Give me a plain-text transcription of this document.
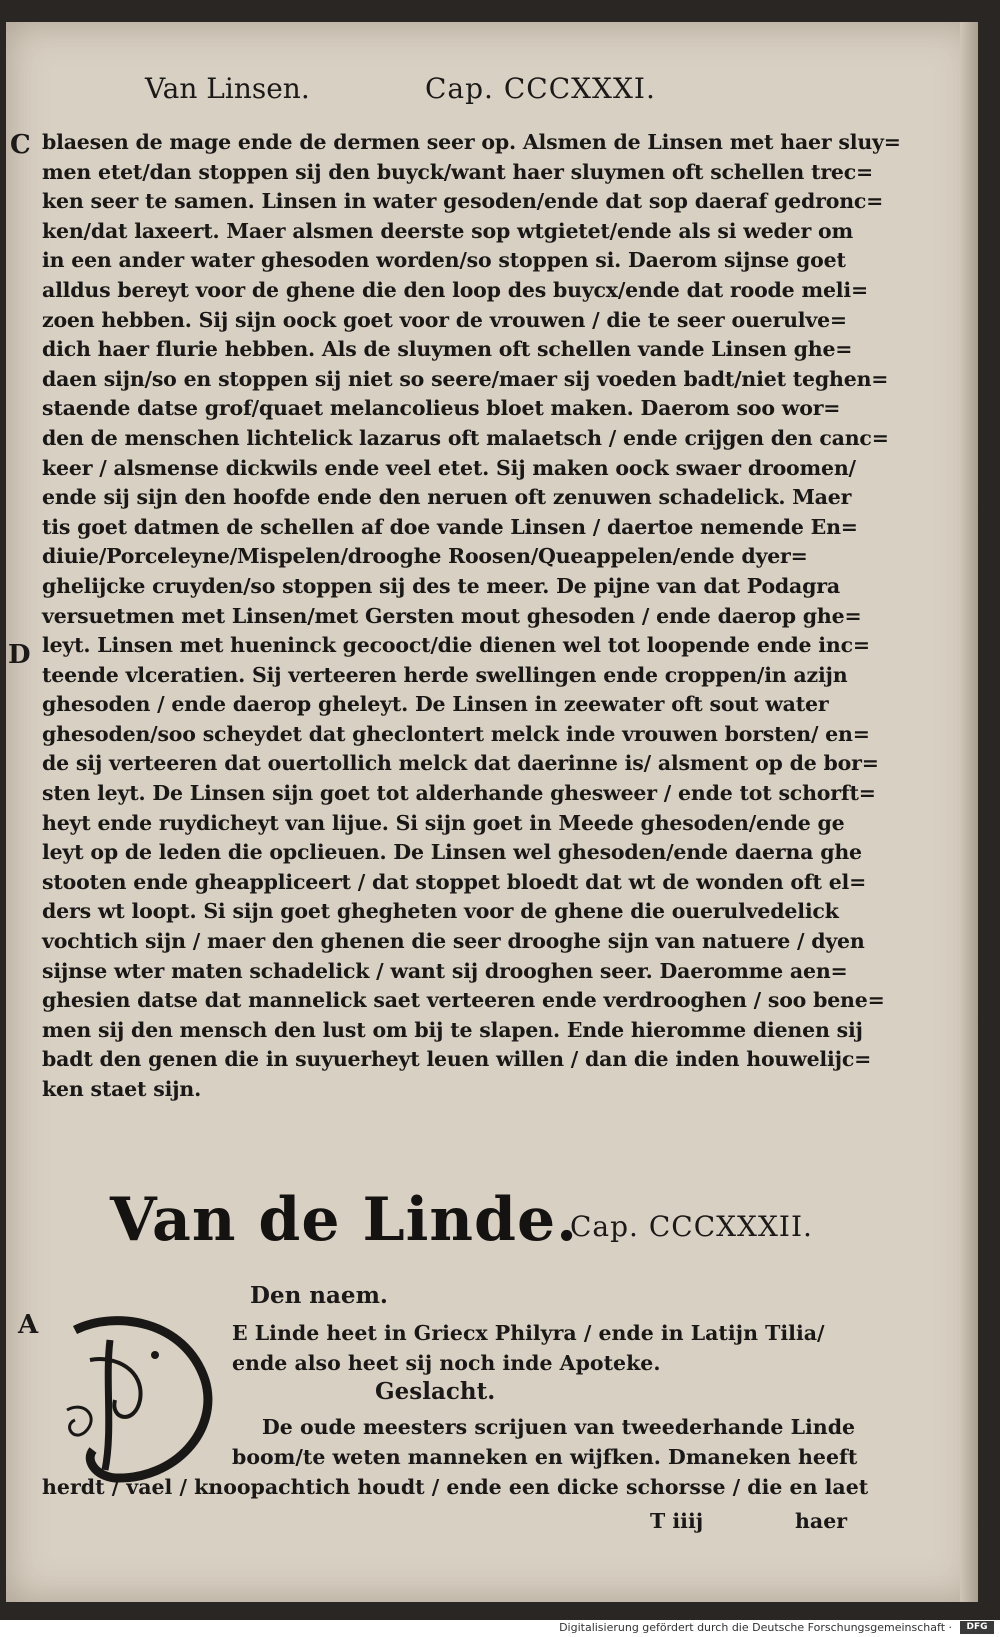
Van Linsen.	Cap. CCCXXXI.
C
D
A
blaesen de mage ende de dermen seer op. Alsmen de Linsen met haer sluy=
men etet/dan stoppen sij den buyck/want haer sluymen oft schellen trec=
ken seer te samen. Linsen in water gesoden/ende dat sop daeraf gedronc=
ken/dat laxeert. Maer alsmen deerste sop wtgietet/ende als si weder om
in een ander water ghesoden worden/so stoppen si. Daerom sijnse goet
alldus bereyt voor de ghene die den loop des buycx/ende dat roode meli=
zoen hebben. Sij sijn oock goet voor de vrouwen / die te seer ouerulve=
dich haer flurie hebben. Als de sluymen oft schellen vande Linsen ghe=
daen sijn/so en stoppen sij niet so seere/maer sij voeden badt/niet teghen=
staende datse grof/quaet melancolieus bloet maken. Daerom soo wor=
den de menschen lichtelick lazarus oft malaetsch / ende crijgen den canc=
keer / alsmense dickwils ende veel etet. Sij maken oock swaer droomen/
ende sij sijn den hoofde ende den neruen oft zenuwen schadelick. Maer
tis goet datmen de schellen af doe vande Linsen / daertoe nemende En=
diuie/Porceleyne/Mispelen/drooghe Roosen/Queappelen/ende dyer=
ghelijcke cruyden/so stoppen sij des te meer. De pijne van dat Podagra
versuetmen met Linsen/met Gersten mout ghesoden / ende daerop ghe=
leyt. Linsen met hueninck gecooct/die dienen wel tot loopende ende inc=
teende vlceratien. Sij verteeren herde swellingen ende croppen/in azijn
ghesoden / ende daerop gheleyt. De Linsen in zeewater oft sout water
ghesoden/soo scheydet dat gheclontert melck inde vrouwen borsten/ en=
de sij verteeren dat ouertollich melck dat daerinne is/ alsment op de bor=
sten leyt. De Linsen sijn goet tot alderhande ghesweer / ende tot schorft=
heyt ende ruydicheyt van lijue. Si sijn goet in Meede ghesoden/ende ge
leyt op de leden die opclieuen. De Linsen wel ghesoden/ende daerna ghe
stooten ende gheappliceert / dat stoppet bloedt dat wt de wonden oft el=
ders wt loopt. Si sijn goet ghegheten voor de ghene die ouerulvedelick
vochtich sijn / maer den ghenen die seer drooghe sijn van natuere / dyen
sijnse wter maten schadelick / want sij drooghen seer. Daeromme aen=
ghesien datse dat mannelick saet verteeren ende verdrooghen / soo bene=
men sij den mensch den lust om bij te slapen. Ende hieromme dienen sij
badt den genen die in suyuerheyt leuen willen / dan die inden houwelijc=
ken staet sijn.
Van de Linde.
Cap. CCCXXXII.
Den naem.
E Linde heet in Griecx Philyra / ende in Latijn Tilia/
ende also heet sij noch inde Apoteke.
Geslacht.
De oude meesters scrijuen van tweederhande Linde
boom/te weten manneken en wijfken. Dmaneken heeft
herdt / vael / knoopachtich houdt / ende een dicke schorsse / die en laet
T iiij	haer
Digitalisierung gefördert durch die Deutsche Forschungsgemeinschaft ·	DFG
